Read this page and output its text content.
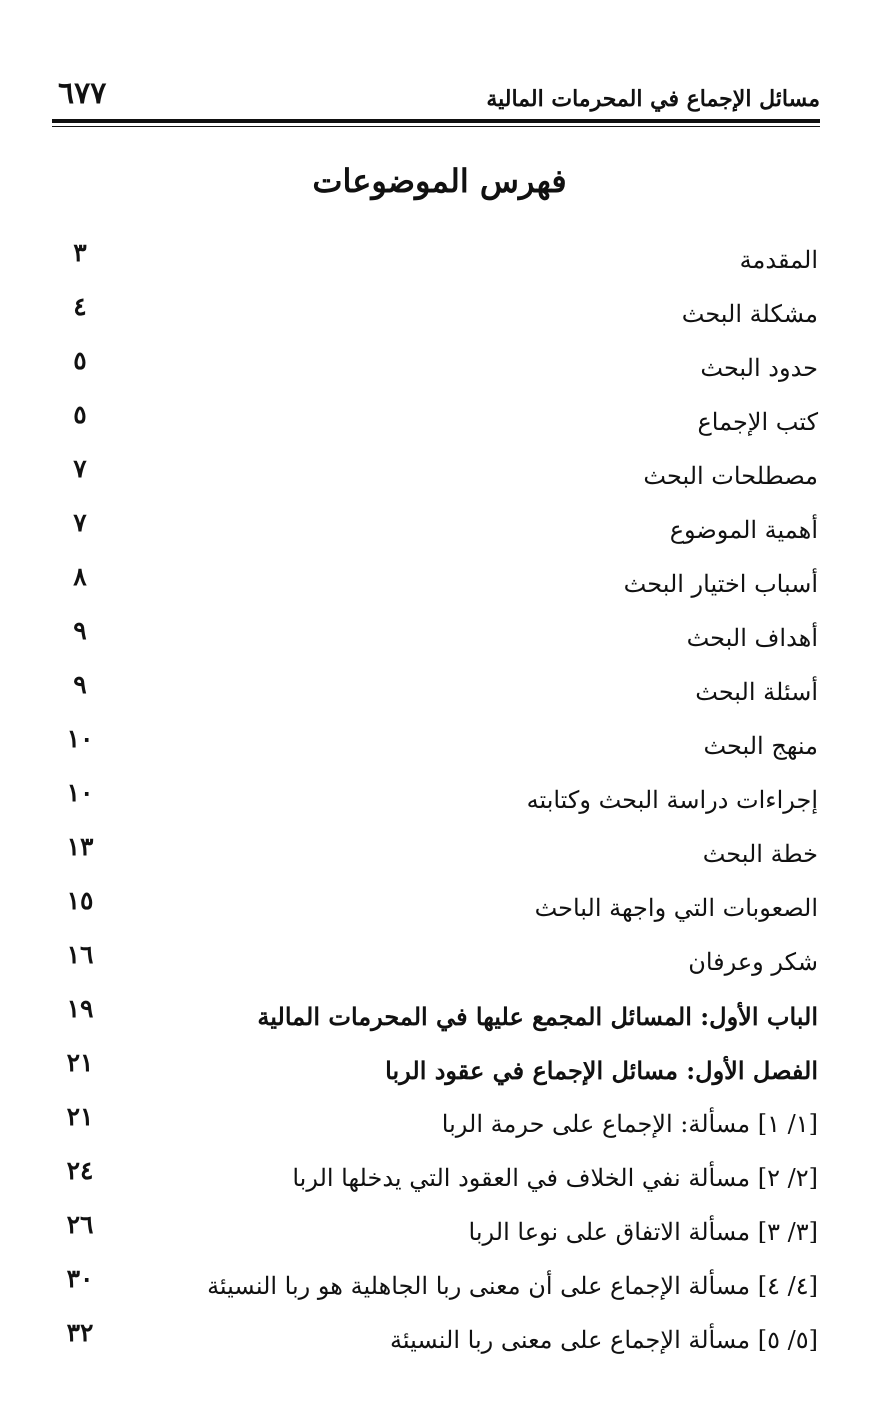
مسائل الإجماع في المحرمات المالية
٦٧٧
فهرس الموضوعات
المقدمة
٣
مشكلة البحث
٤
حدود البحث
٥
كتب الإجماع
٥
مصطلحات البحث
٧
أهمية الموضوع
٧
أسباب اختيار البحث
٨
أهداف البحث
٩
أسئلة البحث
٩
منهج البحث
١٠
إجراءات دراسة البحث وكتابته
١٠
خطة البحث
١٣
الصعوبات التي واجهة الباحث
١٥
شكر وعرفان
١٦
الباب الأول: المسائل المجمع عليها في المحرمات المالية
١٩
الفصل الأول: مسائل الإجماع في عقود الربا
٢١
[١/ ١] مسألة: الإجماع على حرمة الربا
٢١
[٢/ ٢] مسألة نفي الخلاف في العقود التي يدخلها الربا
٢٤
[٣/ ٣] مسألة الاتفاق على نوعا الربا
٢٦
[٤/ ٤] مسألة الإجماع على أن معنى ربا الجاهلية هو ربا النسيئة
٣٠
[٥/ ٥] مسألة الإجماع على معنى ربا النسيئة
٣٢
